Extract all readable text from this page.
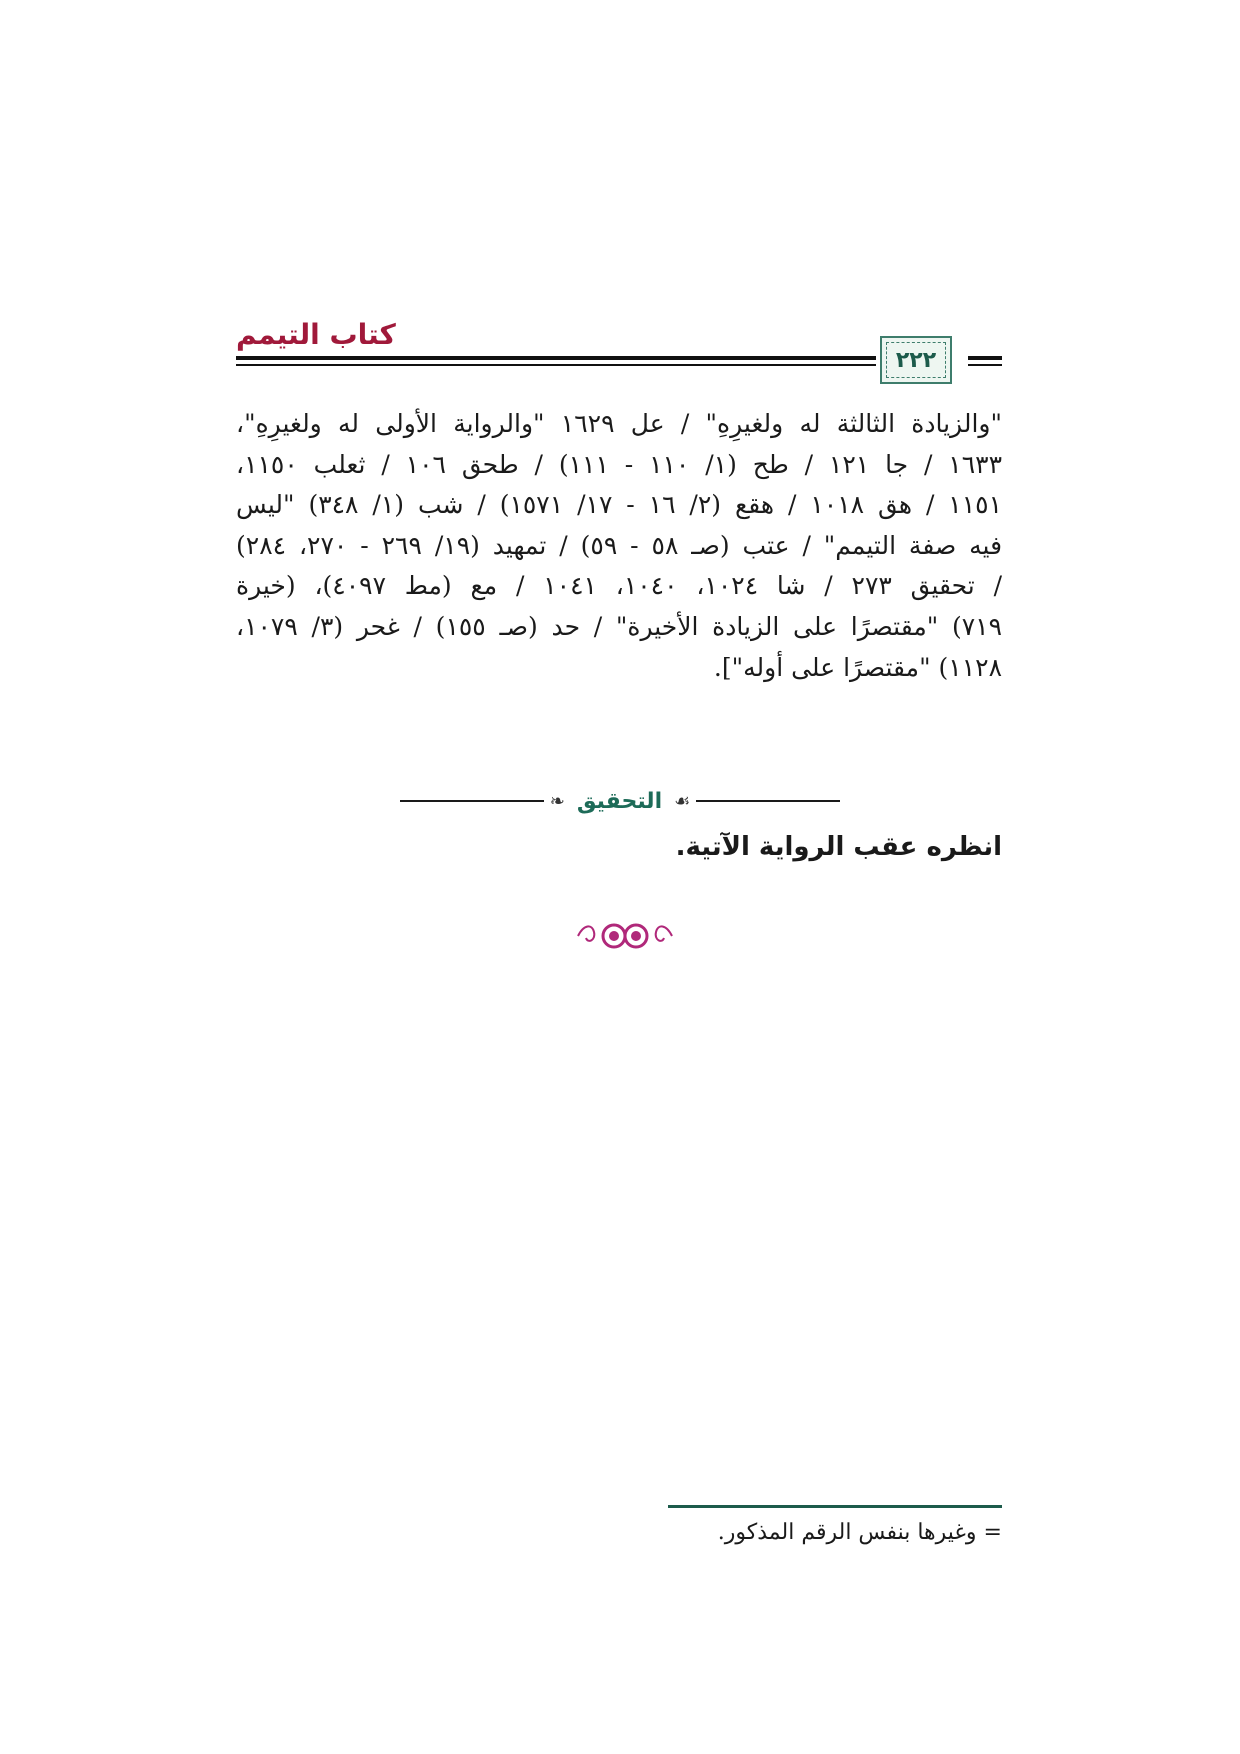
كتاب التيمم
٢٢٢
"والزيادة الثالثة له ولغيرِهِ" / عل ١٦٢٩ "والرواية الأولى له ولغيرِهِ"،
١٦٣٣ / جا ١٢١ / طح (١/ ١١٠ - ١١١) / طحق ١٠٦ / ثعلب ١١٥٠،
١١٥١ / هق ١٠١٨ / هقع (٢/ ١٦ - ١٧/ ١٥٧١) / شب (١/ ٣٤٨) "ليس
فيه صفة التيمم" / عتب (صـ ٥٨ - ٥٩) / تمهيد (١٩/ ٢٦٩ - ٢٧٠، ٢٨٤)
/ تحقيق ٢٧٣ / شا ١٠٢٤، ١٠٤٠، ١٠٤١ / مع (مط ٤٠٩٧)، (خيرة
٧١٩) "مقتصرًا على الزيادة الأخيرة" / حد (صـ ١٥٥) / غحر (٣/ ١٠٧٩،
١١٢٨) "مقتصرًا على أوله"].
❧ التحقيق ☙
انظره عقب الرواية الآتية.
= وغيرها بنفس الرقم المذكور.
